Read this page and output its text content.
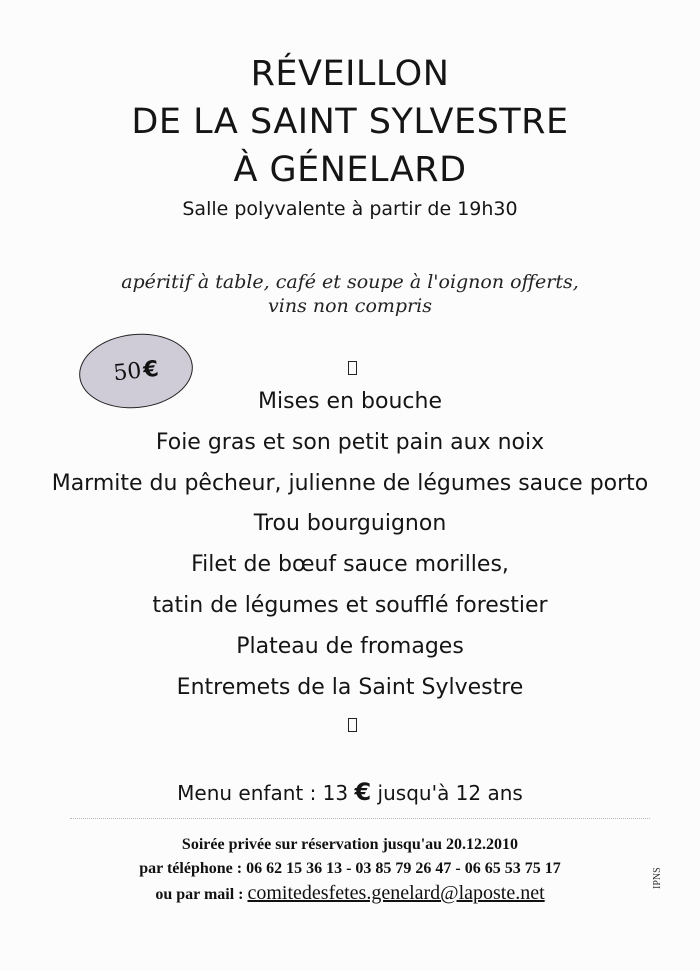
RÉVEILLON
DE LA SAINT SYLVESTRE
À GÉNELARD
Salle polyvalente à partir de 19h30
apéritif à table, café et soupe à l'oignon offerts,
vins non compris
50 €
Mises en bouche
Foie gras et son petit pain aux noix
Marmite du pêcheur, julienne de légumes sauce porto
Trou bourguignon
Filet de bœuf sauce morilles,
tatin de légumes et soufflé forestier
Plateau de fromages
Entremets de la Saint Sylvestre
Menu enfant : 13 € jusqu'à 12 ans
Soirée privée sur réservation jusqu'au 20.12.2010
par téléphone : 06 62 15 36 13 - 03 85 79 26 47 - 06 65 53 75 17
ou par mail : comitedesfetes.genelard@laposte.net
IPNS
